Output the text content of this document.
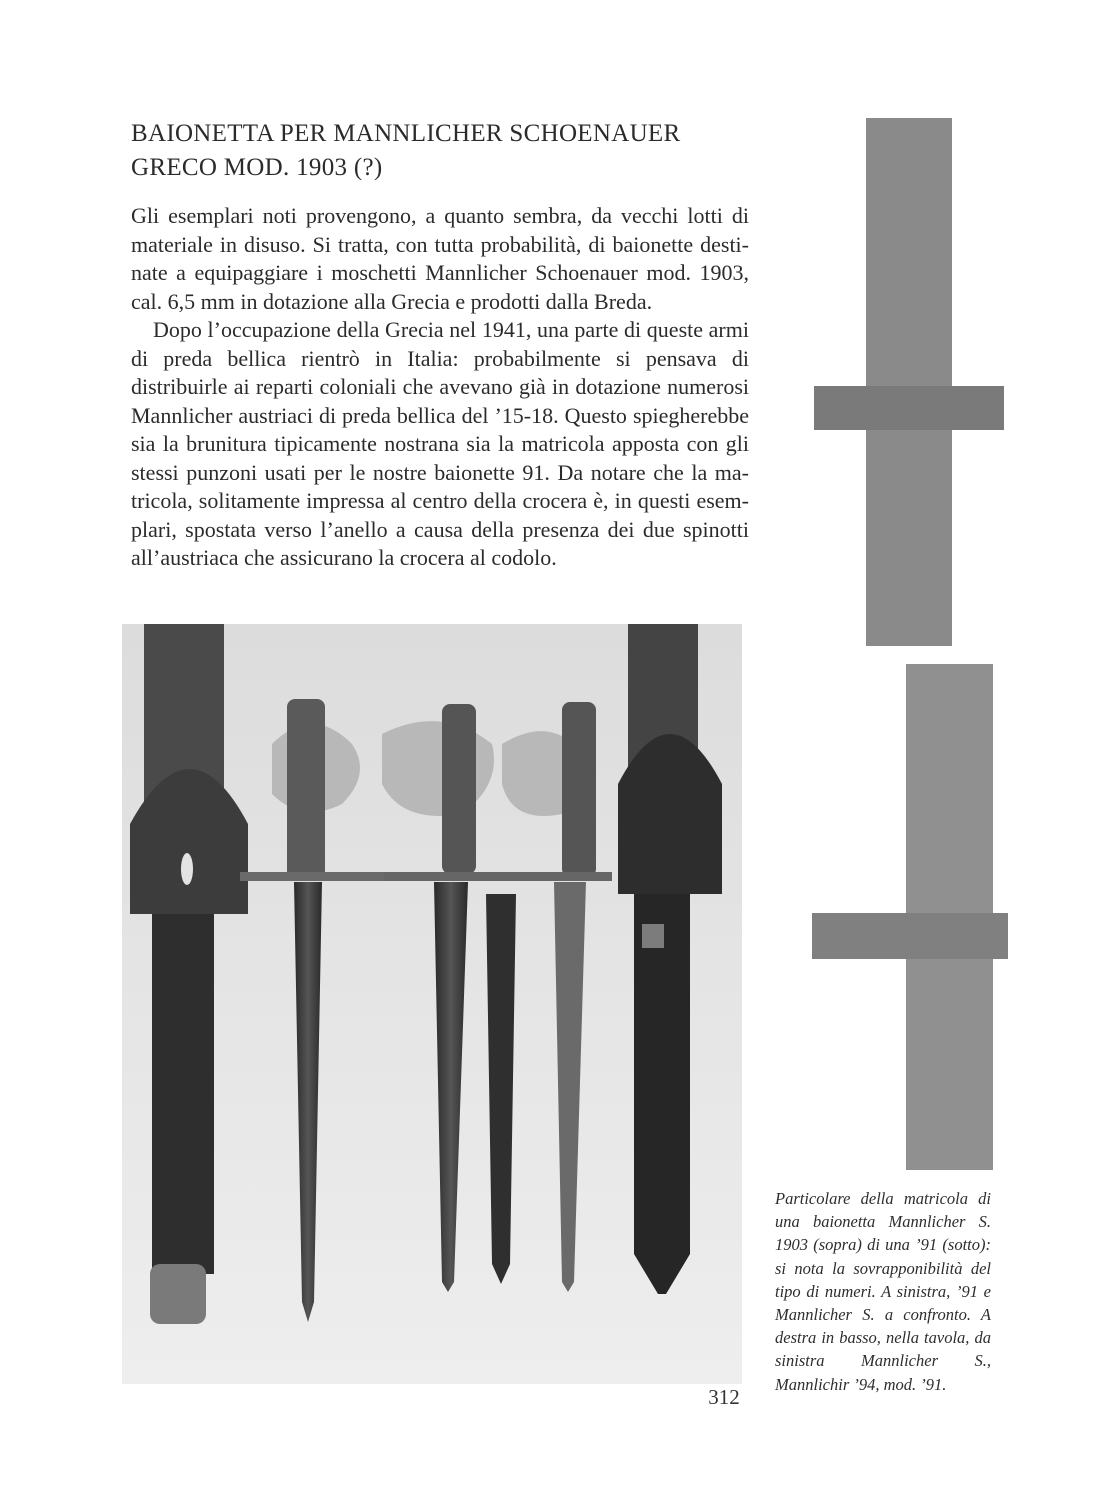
BAIONETTA PER MANNLICHER SCHOENAUER
GRECO MOD. 1903 (?)

Gli esemplari noti provengono, a quanto sembra, da vecchi lotti di materiale in disuso. Si tratta, con tutta probabilità, di baionette destinate a equipaggiare i moschetti Mannlicher Schoenauer mod. 1903, cal. 6,5 mm in dotazione alla Grecia e prodotti dalla Breda.

Dopo l’occupazione della Grecia nel 1941, una parte di queste armi di preda bellica rientrò in Italia: probabilmente si pensava di distribuirle ai reparti coloniali che avevano già in dotazione numerosi Mannlicher austriaci di preda bellica del ’15-18. Questo spiegherebbe sia la brunitura tipicamente nostrana sia la matricola apposta con gli stessi punzoni usati per le nostre baionette 91. Da notare che la matricola, solitamente impressa al centro della crocera è, in questi esemplari, spostata verso l’anello a causa della presenza dei due spinotti all’austriaca che assicurano la crocera al codolo.

Particolare della matricola di una baionetta Mannlicher S. 1903 (sopra) di una ’91 (sotto): si nota la sovrapponibilità del tipo di numeri. A sinistra, ’91 e Mannlicher S. a confronto. A destra in basso, nella tavola, da sinistra Mannlicher S., Mannlichir ’94, mod. ’91.
312
